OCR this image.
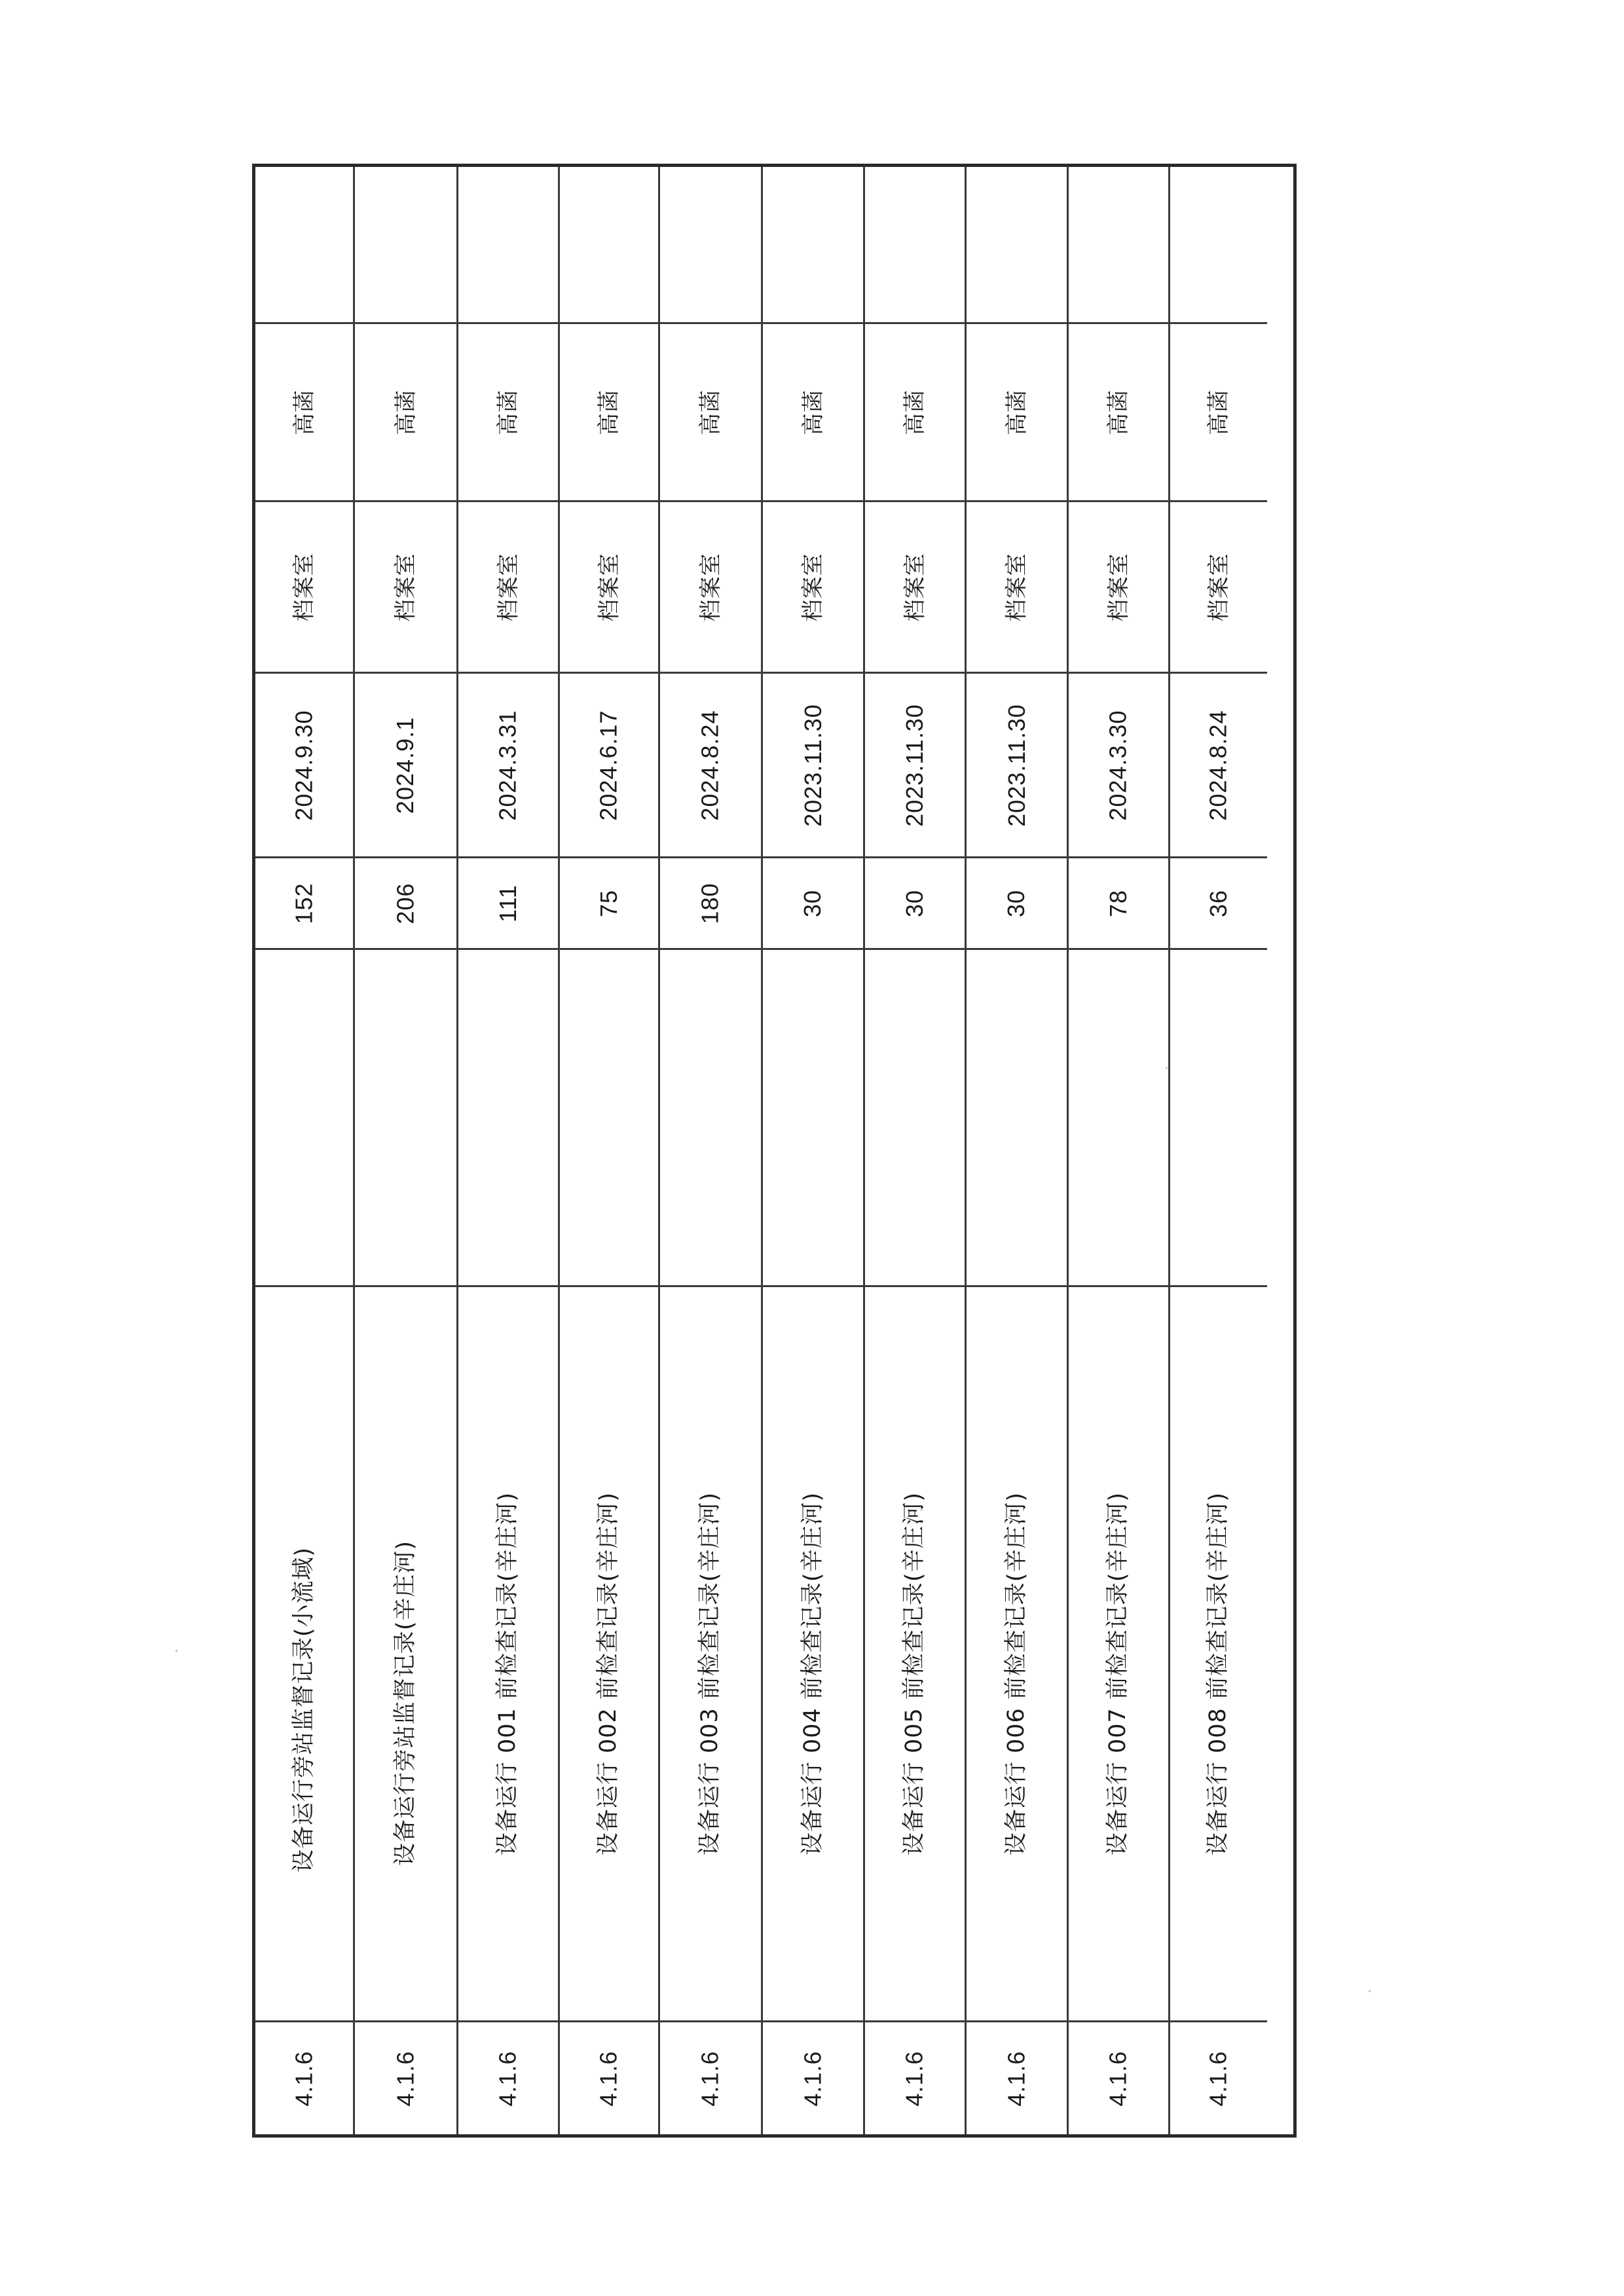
高菡
档案室
2024.9.30
152
设备运行旁站监督记录(小流域)
4.1.6
高菡
档案室
2024.9.1
206
设备运行旁站监督记录(辛庄河)
4.1.6
高菡
档案室
2024.3.31
111
设备运行 001 前检查记录(辛庄河)
4.1.6
高菡
档案室
2024.6.17
75
设备运行 002 前检查记录(辛庄河)
4.1.6
高菡
档案室
2024.8.24
180
设备运行 003 前检查记录(辛庄河)
4.1.6
高菡
档案室
2023.11.30
30
设备运行 004 前检查记录(辛庄河)
4.1.6
高菡
档案室
2023.11.30
30
设备运行 005 前检查记录(辛庄河)
4.1.6
高菡
档案室
2023.11.30
30
设备运行 006 前检查记录(辛庄河)
4.1.6
高菡
档案室
2024.3.30
78
设备运行 007 前检查记录(辛庄河)
4.1.6
高菡
档案室
2024.8.24
36
设备运行 008 前检查记录(辛庄河)
4.1.6
